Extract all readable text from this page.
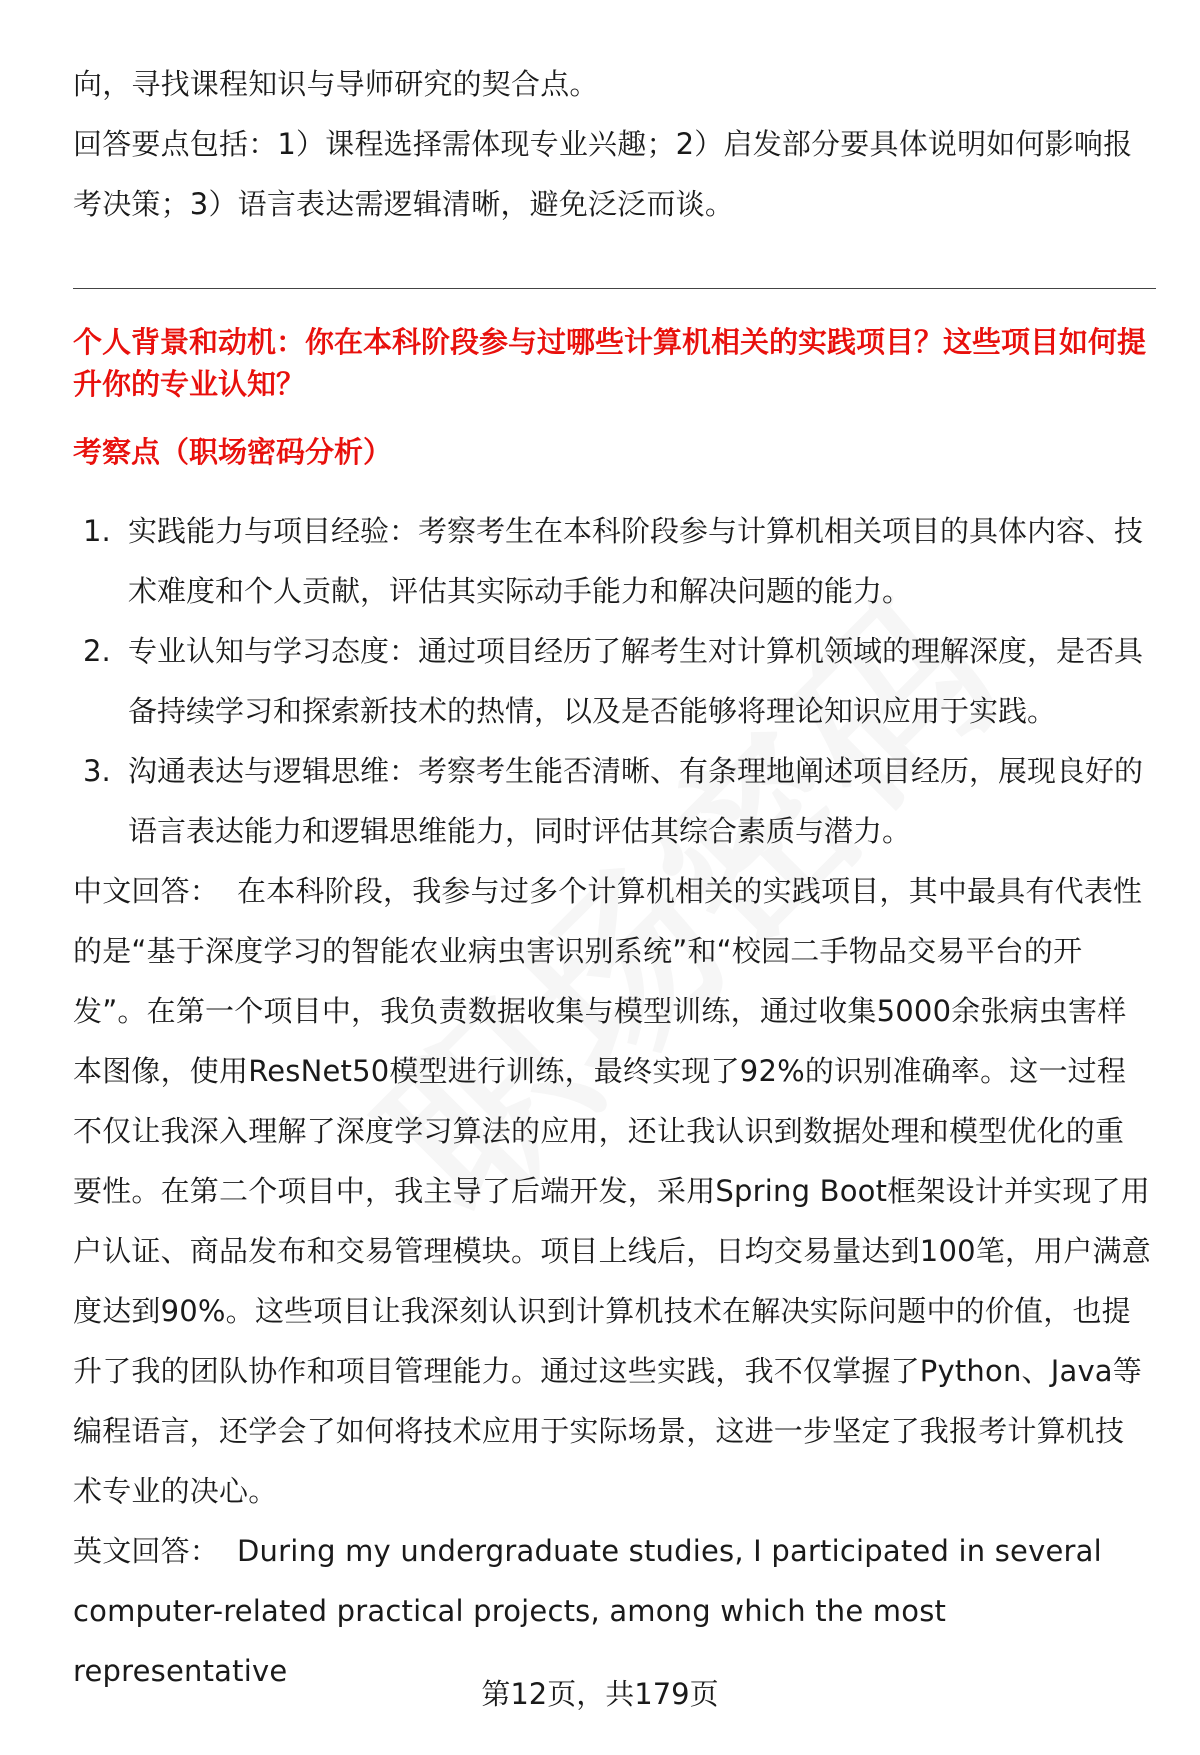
向，寻找课程知识与导师研究的契合点。

回答要点包括：1）课程选择需体现专业兴趣；2）启发部分要具体说明如何影响报考决策；3）语言表达需逻辑清晰，避免泛泛而谈。

个人背景和动机：你在本科阶段参与过哪些计算机相关的实践项目？这些项目如何提升你的专业认知？
考察点（职场密码分析）
1. 实践能力与项目经验：考察考生在本科阶段参与计算机相关项目的具体内容、技术难度和个人贡献，评估其实际动手能力和解决问题的能力。
2. 专业认知与学习态度：通过项目经历了解考生对计算机领域的理解深度，是否具备持续学习和探索新技术的热情，以及是否能够将理论知识应用于实践。
3. 沟通表达与逻辑思维：考察考生能否清晰、有条理地阐述项目经历，展现良好的语言表达能力和逻辑思维能力，同时评估其综合素质与潜力。

中文回答： 在本科阶段，我参与过多个计算机相关的实践项目，其中最具有代表性的是“基于深度学习的智能农业病虫害识别系统”和“校园二手物品交易平台的开发”。在第一个项目中，我负责数据收集与模型训练，通过收集5000余张病虫害样本图像，使用ResNet50模型进行训练，最终实现了92%的识别准确率。这一过程不仅让我深入理解了深度学习算法的应用，还让我认识到数据处理和模型优化的重要性。在第二个项目中，我主导了后端开发，采用Spring Boot框架设计并实现了用户认证、商品发布和交易管理模块。项目上线后，日均交易量达到100笔，用户满意度达到90%。这些项目让我深刻认识到计算机技术在解决实际问题中的价值，也提升了我的团队协作和项目管理能力。通过这些实践，我不仅掌握了Python、Java等编程语言，还学会了如何将技术应用于实际场景，这进一步坚定了我报考计算机技术专业的决心。

英文回答： During my undergraduate studies, I participated in several computer-related practical projects, among which the most representative

第12页，共179页
